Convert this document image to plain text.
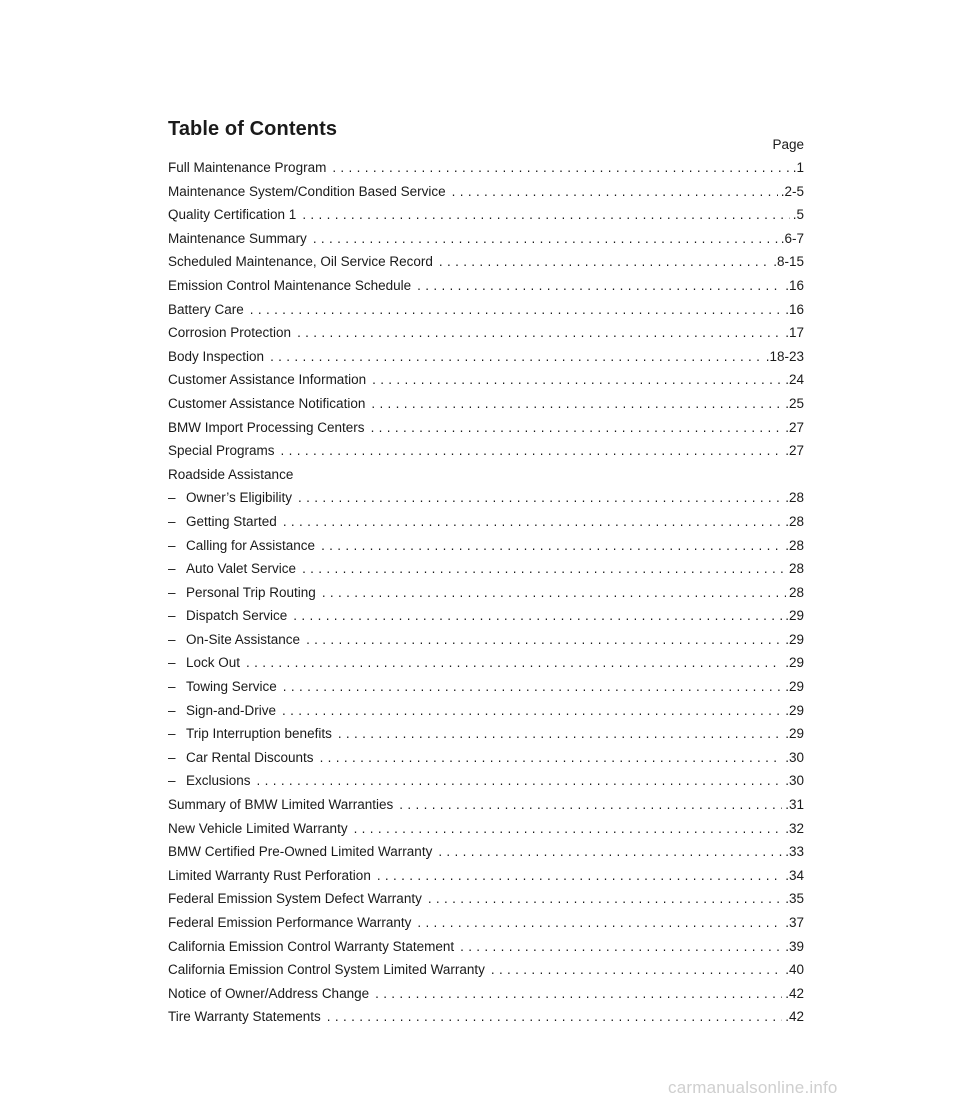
Table of Contents
Page
Full Maintenance Program . . .	.1
Maintenance System/Condition Based Service . . .	.2-5
Quality Certification 1 . . .	.5
Maintenance Summary . . .	.6-7
Scheduled Maintenance, Oil Service Record . . .	.8-15
Emission Control Maintenance Schedule . . .	.16
Battery Care . . .	.16
Corrosion Protection . . .	.17
Body Inspection . . .	.18-23
Customer Assistance Information . . .	.24
Customer Assistance Notification . . .	.25
BMW Import Processing Centers . . .	.27
Special Programs . . .	.27
Roadside Assistance
– Owner’s Eligibility . . .	.28
– Getting Started . . .	.28
– Calling for Assistance . . .	.28
– Auto Valet Service . . .	28
– Personal Trip Routing . . .	28
– Dispatch Service . . .	.29
– On-Site Assistance . . .	.29
– Lock Out . . .	.29
– Towing Service . . .	.29
– Sign-and-Drive . . .	.29
– Trip Interruption benefits . . .	.29
– Car Rental Discounts . . .	.30
– Exclusions . . .	.30
Summary of BMW Limited Warranties . . .	.31
New Vehicle Limited Warranty . . .	.32
BMW Certified Pre-Owned Limited Warranty . . .	.33
Limited Warranty Rust Perforation . . .	.34
Federal Emission System Defect Warranty . . .	.35
Federal Emission Performance Warranty . . .	.37
California Emission Control Warranty Statement . . .	.39
California Emission Control System Limited Warranty . . .	.40
Notice of Owner/Address Change . . .	.42
Tire Warranty Statements . . .	.42
carmanualsonline.info
